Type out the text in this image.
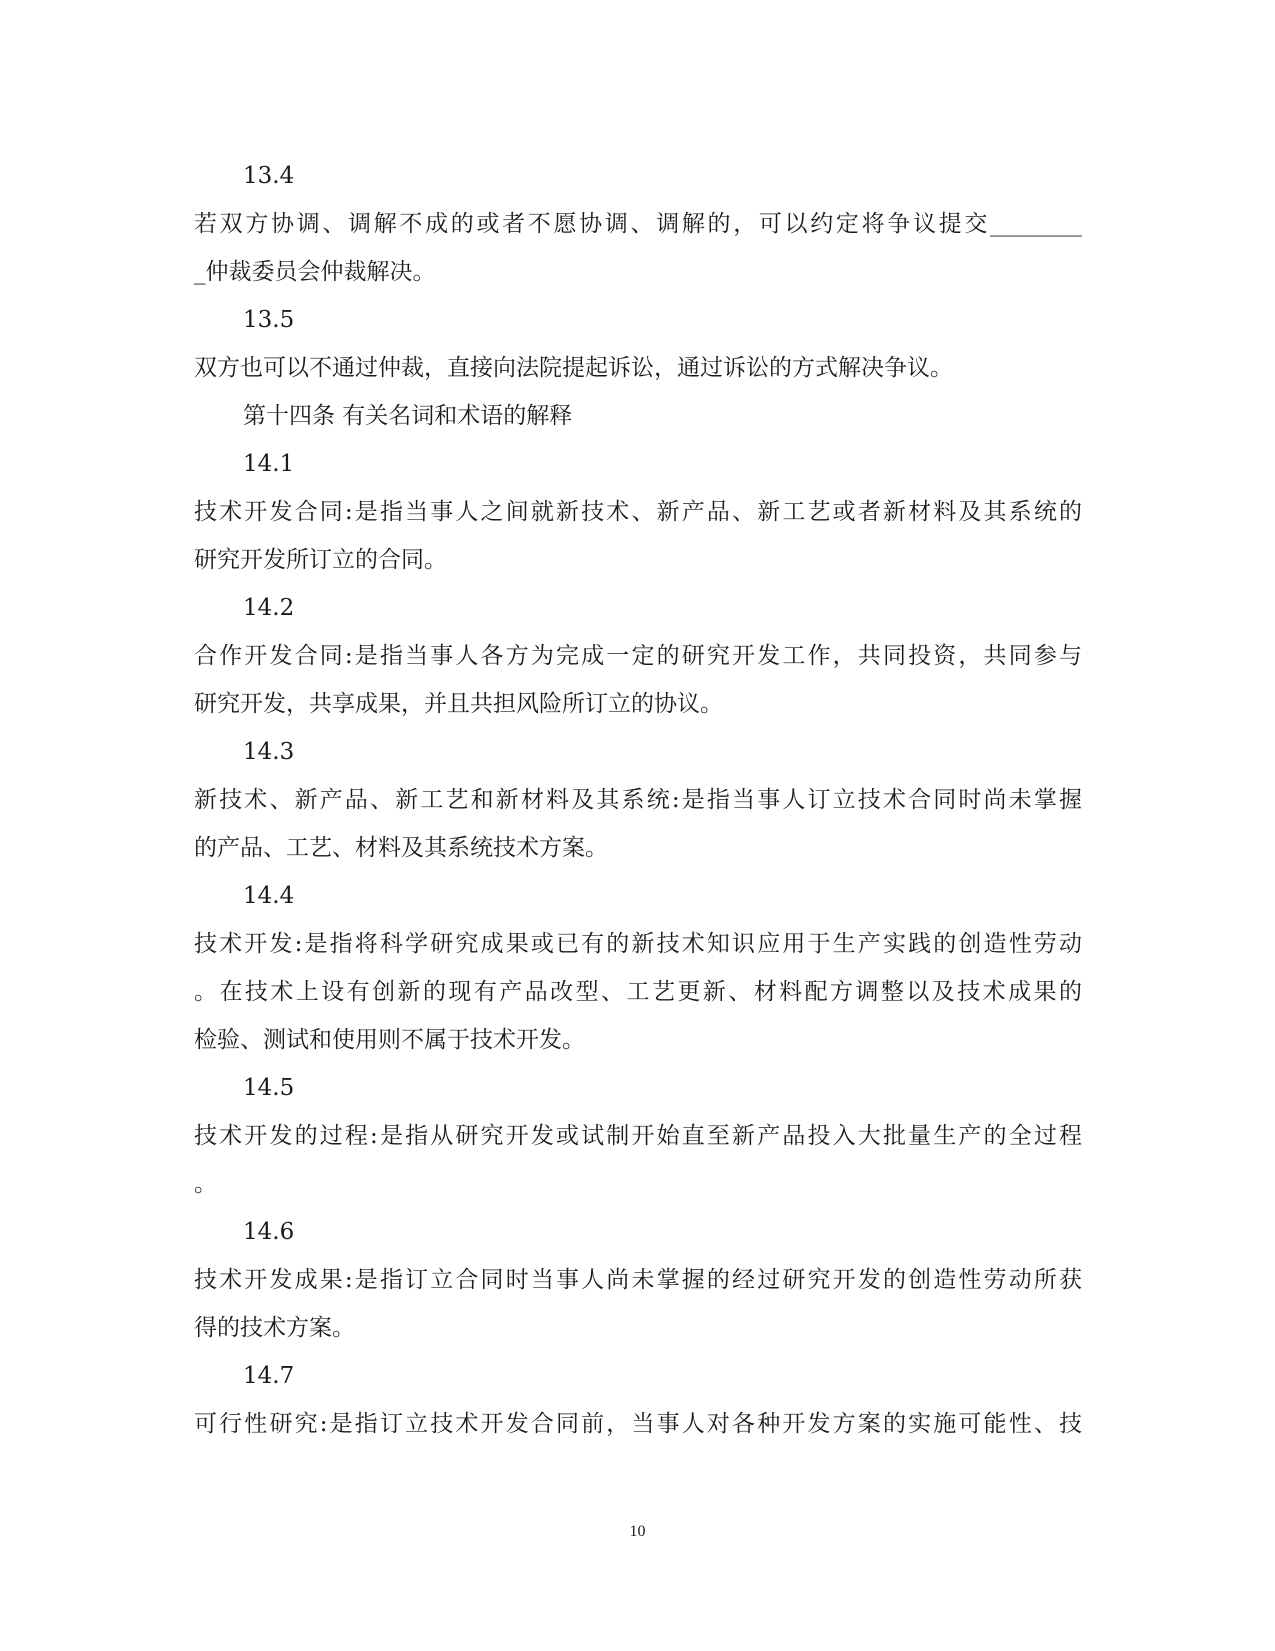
13.4
若双方协调、调解不成的或者不愿协调、调解的，可以约定将争议提交________
_仲裁委员会仲裁解决。
13.5
双方也可以不通过仲裁，直接向法院提起诉讼，通过诉讼的方式解决争议。
第十四条 有关名词和术语的解释
14.1
技术开发合同:是指当事人之间就新技术、新产品、新工艺或者新材料及其系统的
研究开发所订立的合同。
14.2
合作开发合同:是指当事人各方为完成一定的研究开发工作，共同投资，共同参与
研究开发，共享成果，并且共担风险所订立的协议。
14.3
新技术、新产品、新工艺和新材料及其系统:是指当事人订立技术合同时尚未掌握
的产品、工艺、材料及其系统技术方案。
14.4
技术开发:是指将科学研究成果或已有的新技术知识应用于生产实践的创造性劳动
。在技术上设有创新的现有产品改型、工艺更新、材料配方调整以及技术成果的
检验、测试和使用则不属于技术开发。
14.5
技术开发的过程:是指从研究开发或试制开始直至新产品投入大批量生产的全过程
。
14.6
技术开发成果:是指订立合同时当事人尚未掌握的经过研究开发的创造性劳动所获
得的技术方案。
14.7
可行性研究:是指订立技术开发合同前，当事人对各种开发方案的实施可能性、技
10
